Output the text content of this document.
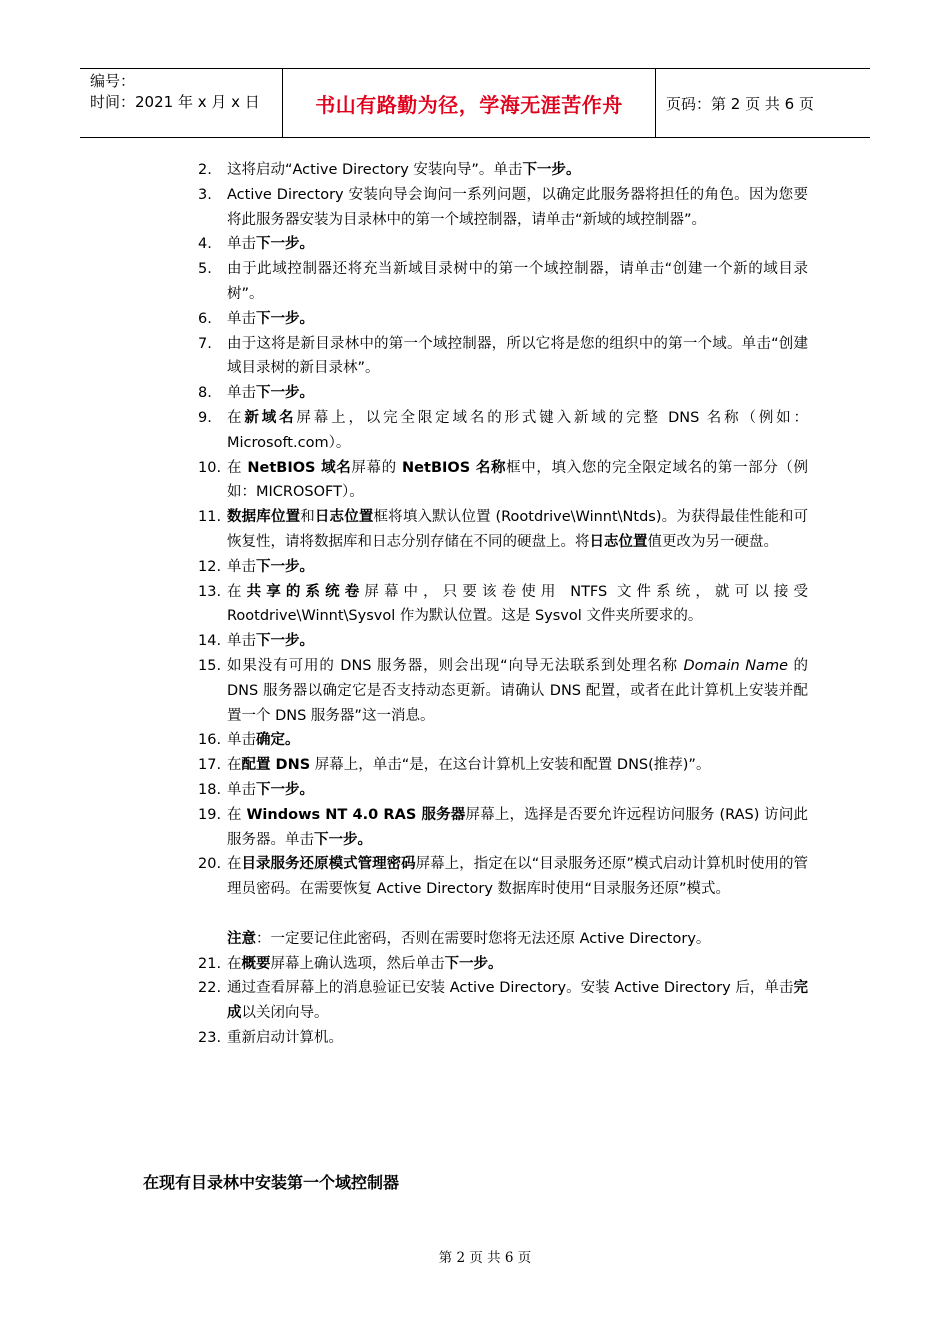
编号：
时间：2021 年 x 月 x 日	书山有路勤为径，学海无涯苦作舟	页码：第 2 页 共 6 页
2.	这将启动“Active Directory 安装向导”。单击下一步。
3.	Active Directory 安装向导会询问一系列问题，以确定此服务器将担任的角色。因为您要将此服务器安装为目录林中的第一个域控制器，请单击“新域的域控制器”。
4.	单击下一步。
5.	由于此域控制器还将充当新域目录树中的第一个域控制器，请单击“创建一个新的域目录树”。
6.	单击下一步。
7.	由于这将是新目录林中的第一个域控制器，所以它将是您的组织中的第一个域。单击“创建域目录树的新目录林”。
8.	单击下一步。
9.	在新域名屏幕上，以完全限定域名的形式键入新域的完整 DNS 名称（例如：Microsoft.com）。
10. 在 NetBIOS 域名屏幕的 NetBIOS 名称框中，填入您的完全限定域名的第一部分（例如：MICROSOFT）。
11. 数据库位置和日志位置框将填入默认位置 (Rootdrive\Winnt\Ntds)。为获得最佳性能和可恢复性，请将数据库和日志分别存储在不同的硬盘上。将日志位置值更改为另一硬盘。
12. 单击下一步。
13. 在共享的系统卷屏幕中，只要该卷使用 NTFS 文件系统，就可以接受 Rootdrive\Winnt\Sysvol 作为默认位置。这是 Sysvol 文件夹所要求的。
14. 单击下一步。
15. 如果没有可用的 DNS 服务器，则会出现“向导无法联系到处理名称 Domain Name 的 DNS 服务器以确定它是否支持动态更新。请确认 DNS 配置，或者在此计算机上安装并配置一个 DNS 服务器”这一消息。
16. 单击确定。
17. 在配置 DNS 屏幕上，单击“是，在这台计算机上安装和配置 DNS(推荐)”。
18. 单击下一步。
19. 在 Windows NT 4.0 RAS 服务器屏幕上，选择是否要允许远程访问服务 (RAS) 访问此服务器。单击下一步。
20. 在目录服务还原模式管理密码屏幕上，指定在以“目录服务还原”模式启动计算机时使用的管理员密码。在需要恢复 Active Directory 数据库时使用“目录服务还原”模式。
注意：一定要记住此密码，否则在需要时您将无法还原 Active Directory。
21. 在概要屏幕上确认选项，然后单击下一步。
22. 通过查看屏幕上的消息验证已安装 Active Directory。安装 Active Directory 后，单击完成以关闭向导。
23. 重新启动计算机。
在现有目录林中安装第一个域控制器
第 2 页 共 6 页
